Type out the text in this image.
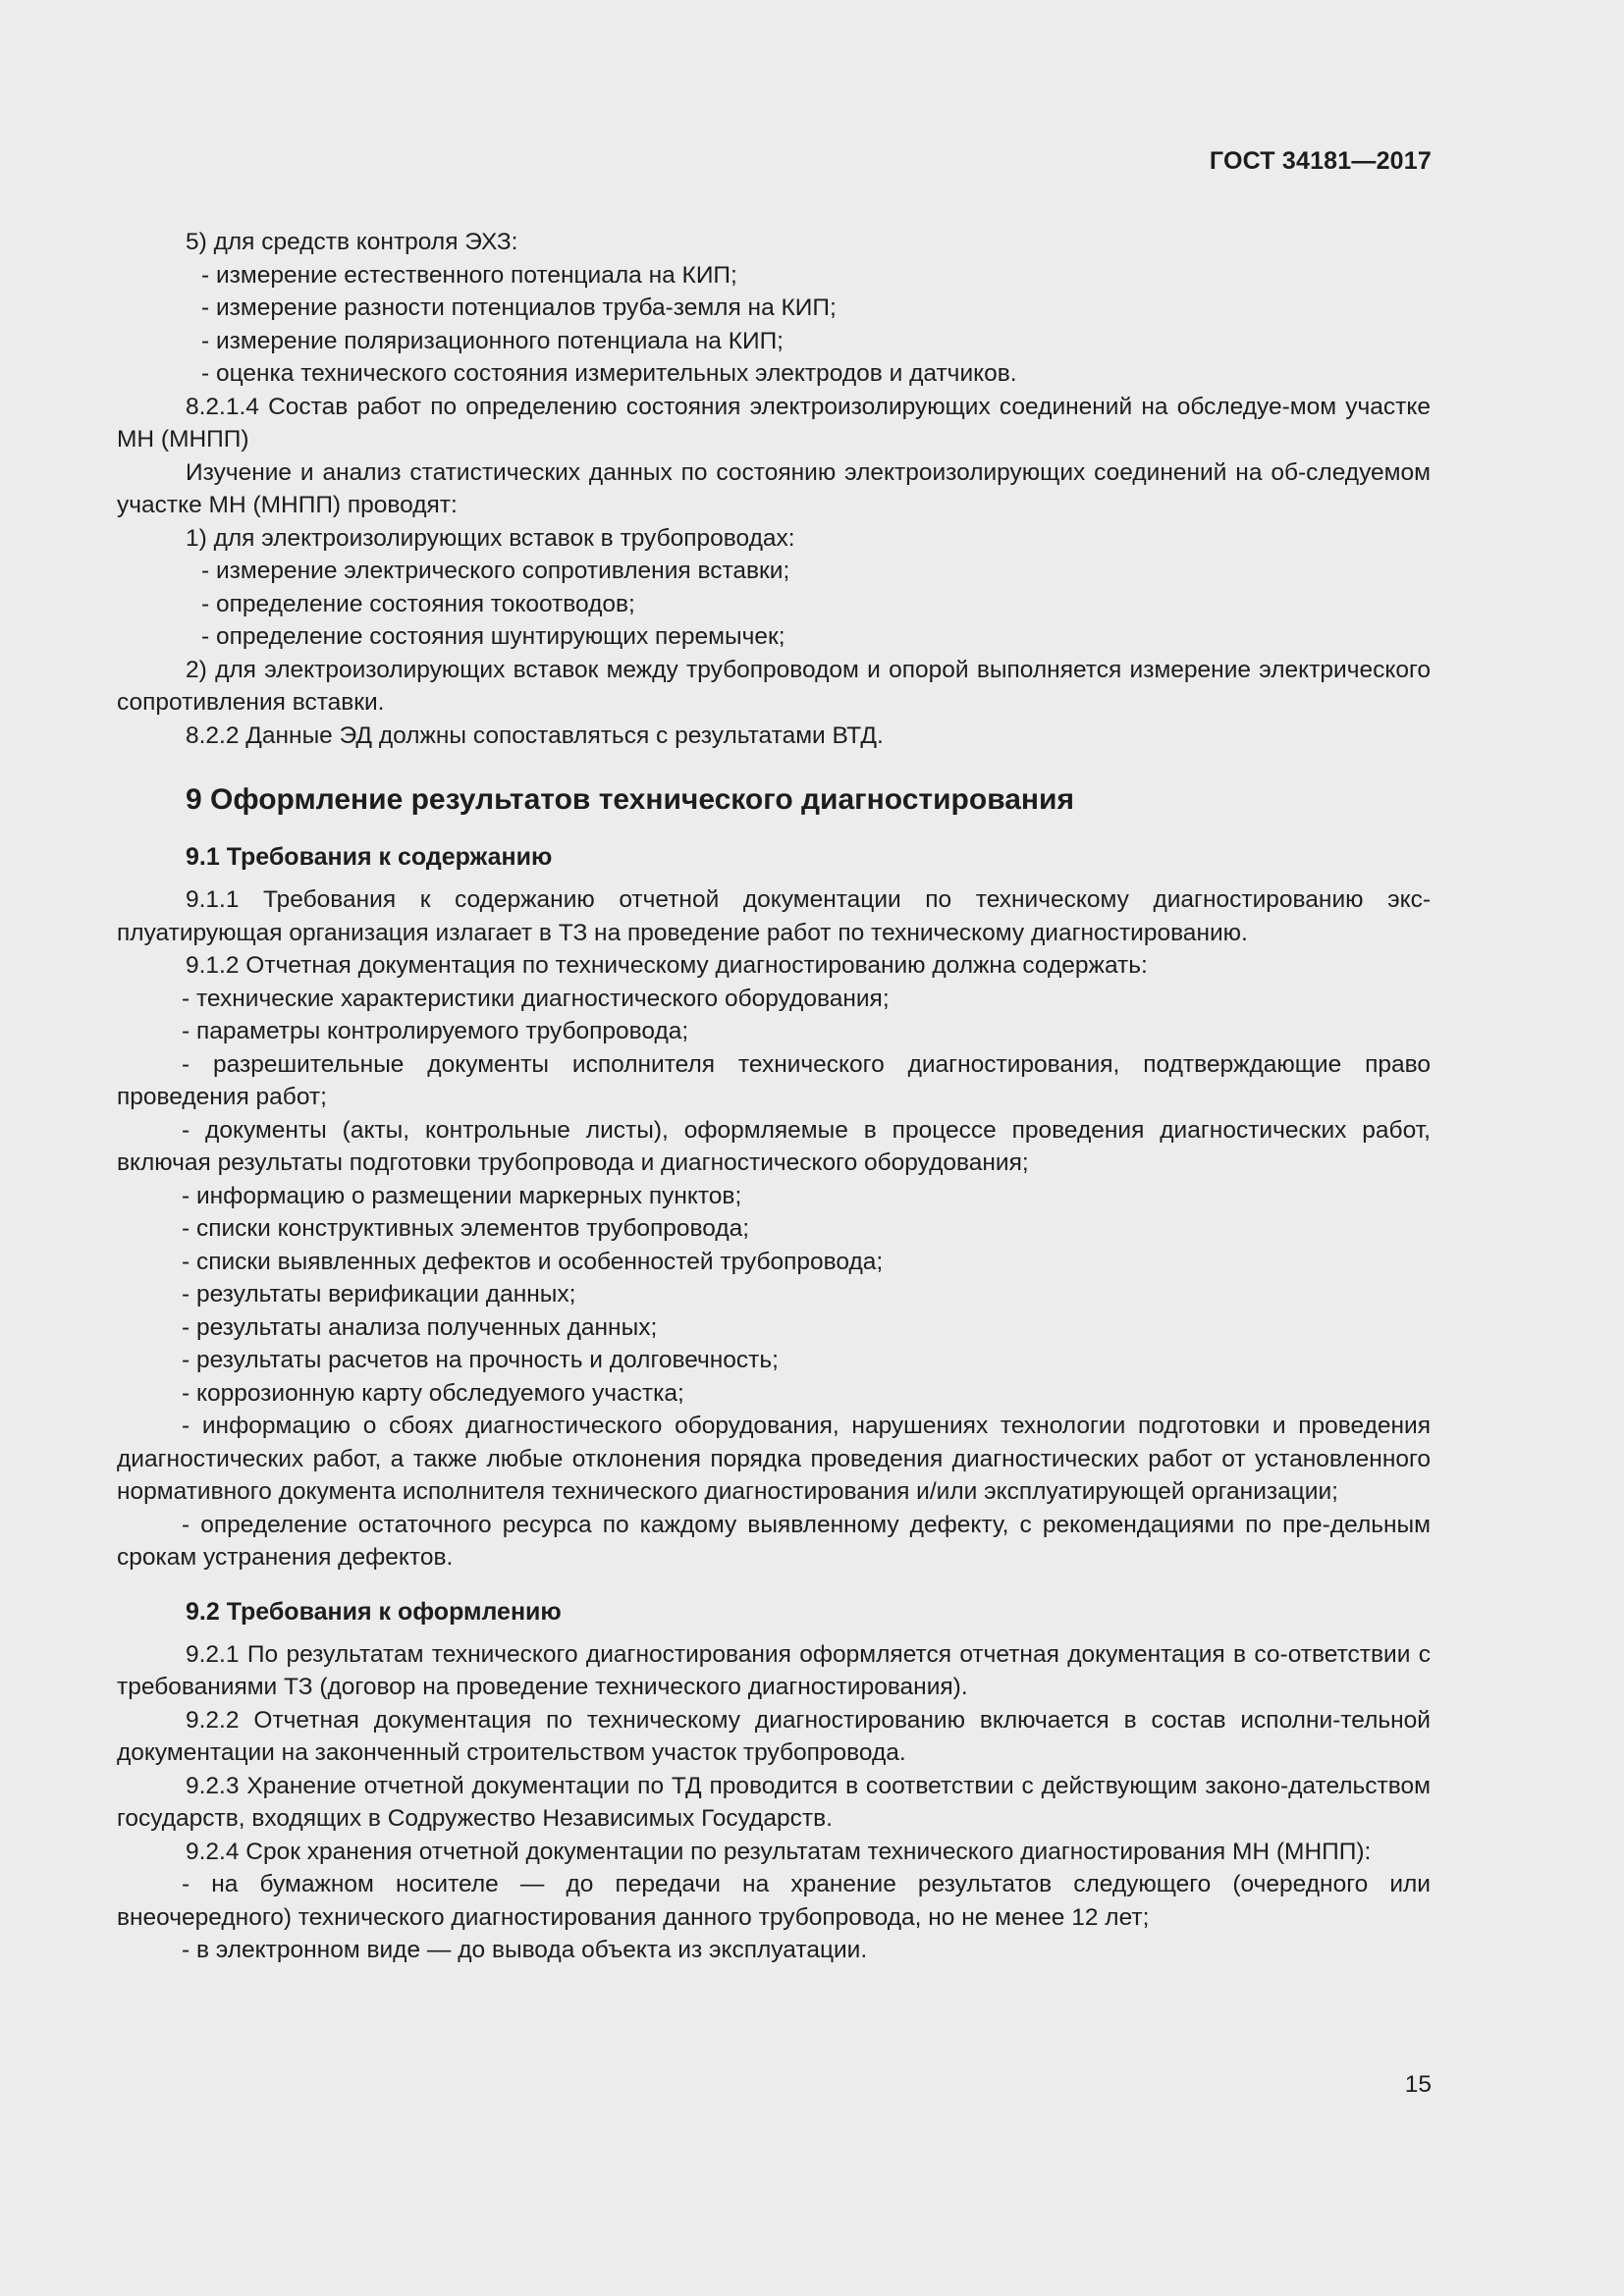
ГОСТ 34181—2017
5) для средств контроля ЭХЗ:
- измерение естественного потенциала на КИП;
- измерение разности потенциалов труба-земля на КИП;
- измерение поляризационного потенциала на КИП;
- оценка технического состояния измерительных электродов и датчиков.
8.2.1.4 Состав работ по определению состояния электроизолирующих соединений на обследуе-мом участке МН (МНПП)
Изучение и анализ статистических данных по состоянию электроизолирующих соединений на об-следуемом участке МН (МНПП) проводят:
1) для электроизолирующих вставок в трубопроводах:
- измерение электрического сопротивления вставки;
- определение состояния токоотводов;
- определение состояния шунтирующих перемычек;
2) для электроизолирующих вставок между трубопроводом и опорой выполняется измерение электрического сопротивления вставки.
8.2.2 Данные ЭД должны сопоставляться с результатами ВТД.
9 Оформление результатов технического диагностирования
9.1 Требования к содержанию
9.1.1 Требования к содержанию отчетной документации по техническому диагностированию экс-плуатирующая организация излагает в ТЗ на проведение работ по техническому диагностированию.
9.1.2 Отчетная документация по техническому диагностированию должна содержать:
- технические характеристики диагностического оборудования;
- параметры контролируемого трубопровода;
- разрешительные документы исполнителя технического диагностирования, подтверждающие право проведения работ;
- документы (акты, контрольные листы), оформляемые в процессе проведения диагностических работ, включая результаты подготовки трубопровода и диагностического оборудования;
- информацию о размещении маркерных пунктов;
- списки конструктивных элементов трубопровода;
- списки выявленных дефектов и особенностей трубопровода;
- результаты верификации данных;
- результаты анализа полученных данных;
- результаты расчетов на прочность и долговечность;
- коррозионную карту обследуемого участка;
- информацию о сбоях диагностического оборудования, нарушениях технологии подготовки и проведения диагностических работ, а также любые отклонения порядка проведения диагностических работ от установленного нормативного документа исполнителя технического диагностирования и/или эксплуатирующей организации;
- определение остаточного ресурса по каждому выявленному дефекту, с рекомендациями по пре-дельным срокам устранения дефектов.
9.2 Требования к оформлению
9.2.1 По результатам технического диагностирования оформляется отчетная документация в со-ответствии с требованиями ТЗ (договор на проведение технического диагностирования).
9.2.2 Отчетная документация по техническому диагностированию включается в состав исполни-тельной документации на законченный строительством участок трубопровода.
9.2.3 Хранение отчетной документации по ТД проводится в соответствии с действующим законо-дательством государств, входящих в Содружество Независимых Государств.
9.2.4 Срок хранения отчетной документации по результатам технического диагностирования МН (МНПП):
- на бумажном носителе — до передачи на хранение результатов следующего (очередного или внеочередного) технического диагностирования данного трубопровода, но не менее 12 лет;
- в электронном виде — до вывода объекта из эксплуатации.
15
